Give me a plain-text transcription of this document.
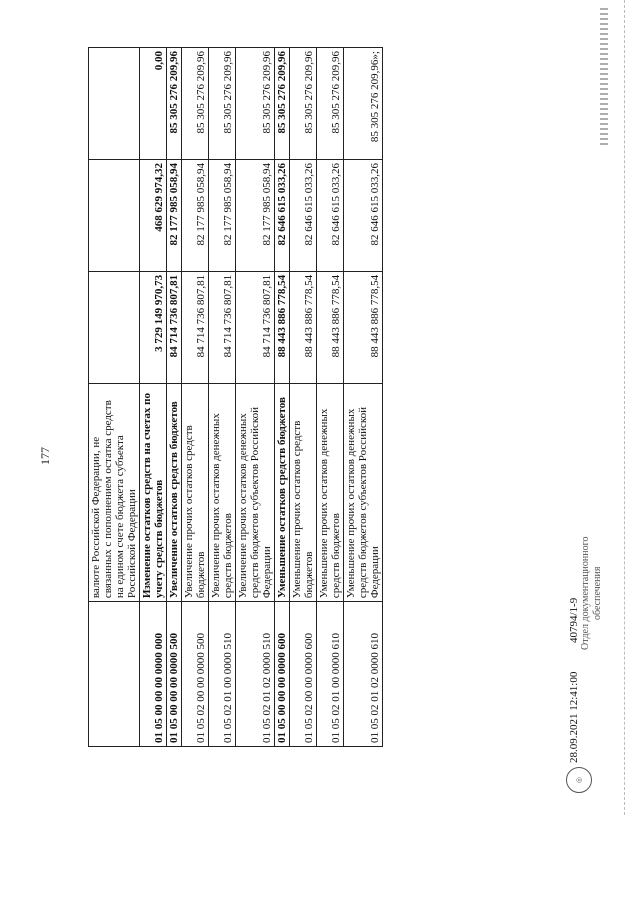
177
		валюте Российской Федерации, не связанных с пополнением остатка средств на едином счете бюджета субъекта Российской Федерации			
01 05 00 00 00 0000 000	Изменение остатков средств на счетах по учету средств бюджетов	3 729 149 970,73	468 629 974,32	0,00
01 05 00 00 00 0000 500	Увеличение остатков средств бюджетов	84 714 736 807,81	82 177 985 058,94	85 305 276 209,96
01 05 02 00 00 0000 500	Увеличение прочих остатков средств бюджетов	84 714 736 807,81	82 177 985 058,94	85 305 276 209,96
01 05 02 01 00 0000 510	Увеличение прочих остатков денежных средств бюджетов	84 714 736 807,81	82 177 985 058,94	85 305 276 209,96
01 05 02 01 02 0000 510	Увеличение прочих остатков денежных средств бюджетов субъектов Российской Федерации	84 714 736 807,81	82 177 985 058,94	85 305 276 209,96
01 05 00 00 00 0000 600	Уменьшение остатков средств бюджетов	88 443 886 778,54	82 646 615 033,26	85 305 276 209,96
01 05 02 00 00 0000 600	Уменьшение прочих остатков средств бюджетов	88 443 886 778,54	82 646 615 033,26	85 305 276 209,96
01 05 02 01 00 0000 610	Уменьшение прочих остатков денежных средств бюджетов	88 443 886 778,54	82 646 615 033,26	85 305 276 209,96
01 05 02 01 02 0000 610	Уменьшение прочих остатков денежных средств бюджетов субъектов Российской Федерации	88 443 886 778,54	82 646 615 033,26	85 305 276 209,96»;
◎
28.09.2021 12:41:00
40794/1-9 Отдел документационного обеспечения
